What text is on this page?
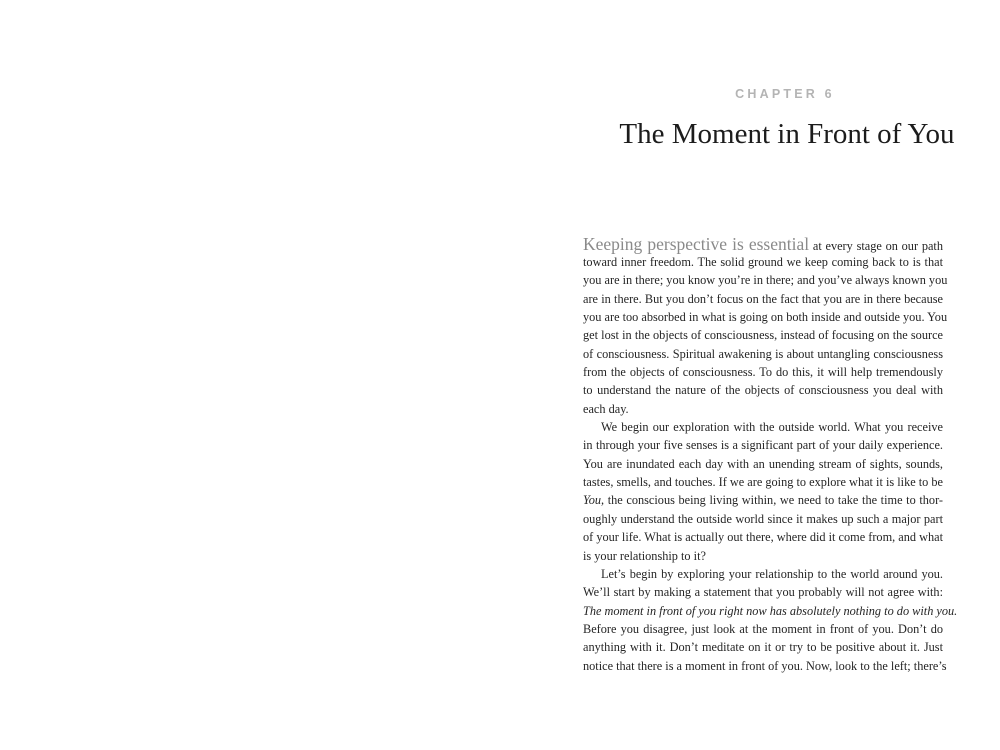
CHAPTER 6
The Moment in Front of You
Keeping perspective is essential at every stage on our path
toward inner freedom. The solid ground we keep coming back to is that
you are in there; you know you’re in there; and you’ve always known you
are in there. But you don’t focus on the fact that you are in there because
you are too absorbed in what is going on both inside and outside you. You
get lost in the objects of consciousness, instead of focusing on the source
of consciousness. Spiritual awakening is about untangling consciousness
from the objects of consciousness. To do this, it will help tremendously
to understand the nature of the objects of consciousness you deal with
each day.
We begin our exploration with the outside world. What you receive
in through your five senses is a significant part of your daily experience.
You are inundated each day with an unending stream of sights, sounds,
tastes, smells, and touches. If we are going to explore what it is like to be
You, the conscious being living within, we need to take the time to thor-
oughly understand the outside world since it makes up such a major part
of your life. What is actually out there, where did it come from, and what
is your relationship to it?
Let’s begin by exploring your relationship to the world around you.
We’ll start by making a statement that you probably will not agree with:
The moment in front of you right now has absolutely nothing to do with you.
Before you disagree, just look at the moment in front of you. Don’t do
anything with it. Don’t meditate on it or try to be positive about it. Just
notice that there is a moment in front of you. Now, look to the left; there’s
